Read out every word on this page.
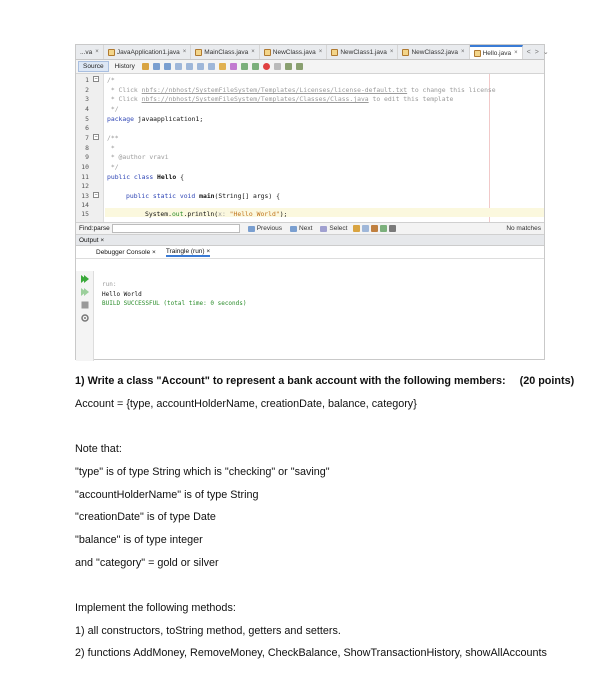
...va ×	JavaApplication1.java ×	MainClass.java ×	NewClass.java ×	NewClass1.java ×	NewClass2.java ×	Hello.java × < > ⌄
Source	History
1
2
3
4
5
6
7
8
9
10
11
12
13
14
15
−
−
−
/*
* Click nbfs://nbhost/SystemFileSystem/Templates/Licenses/license-default.txt to change this license
* Click nbfs://nbhost/SystemFileSystem/Templates/Classes/Class.java to edit this template
*/
package javaapplication1;
/**
*
* @author vravi
*/
public class Hello {
public static void main(String[] args) {
System.out.println(x: "Hello World");
Find: parse	Previous	Next	Select	No matches
Output ×
Debugger Console × Traingle (run) ×
run:
Hello World
BUILD SUCCESSFUL (total time: 0 seconds)
1) Write a class "Account" to represent a bank account with the following members: (20 points)
Account = {type, accountHolderName, creationDate, balance, category}
Note that:
"type" is of type String which is "checking" or "saving"
"accountHolderName" is of type String
"creationDate" is of type Date
"balance" is of type integer
and "category" = gold or silver
Implement the following methods:
1) all constructors, toString method, getters and setters.
2) functions AddMoney, RemoveMoney, CheckBalance, ShowTransactionHistory, showAllAccounts
